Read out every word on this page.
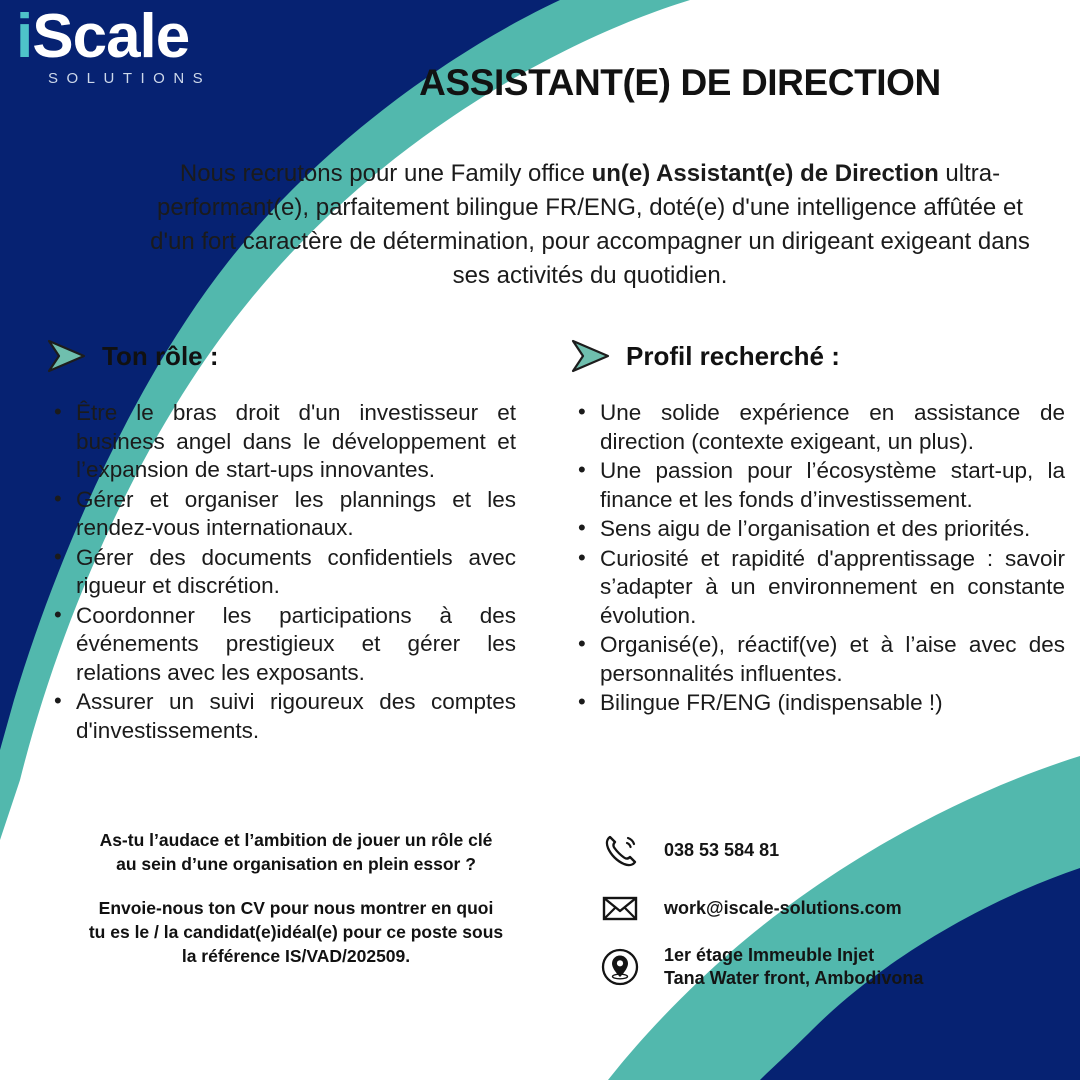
iScale
SOLUTIONS	ASSISTANT(E) DE DIRECTION
Nous recrutons pour une Family office un(e) Assistant(e) de Direction ultra-performant(e), parfaitement bilingue FR/ENG, doté(e) d'une intelligence affûtée et d'un fort caractère de détermination, pour accompagner un dirigeant exigeant dans ses activités du quotidien.
Ton rôle :
• Être le bras droit d'un investisseur et business angel dans le développement et l’expansion de start-ups innovantes.
• Gérer et organiser les plannings et les rendez-vous internationaux.
• Gérer des documents confidentiels avec rigueur et discrétion.
• Coordonner les participations à des événements prestigieux et gérer les relations avec les exposants.
• Assurer un suivi rigoureux des comptes d'investissements.
Profil recherché :
• Une solide expérience en assistance de direction (contexte exigeant, un plus).
• Une passion pour l’écosystème start-up, la finance et les fonds d’investissement.
• Sens aigu de l’organisation et des priorités.
• Curiosité et rapidité d'apprentissage : savoir s’adapter à un environnement en constante évolution.
• Organisé(e), réactif(ve) et à l’aise avec des personnalités influentes.
• Bilingue FR/ENG (indispensable !)
As-tu l’audace et l’ambition de jouer un rôle clé
au sein d’une organisation en plein essor ?
Envoie-nous ton CV pour nous montrer en quoi
tu es le / la candidat(e)idéal(e) pour ce poste sous
la référence IS/VAD/202509.
038 53 584 81
work@iscale-solutions.com
1er étage Immeuble Injet
Tana Water front, Ambodivona
